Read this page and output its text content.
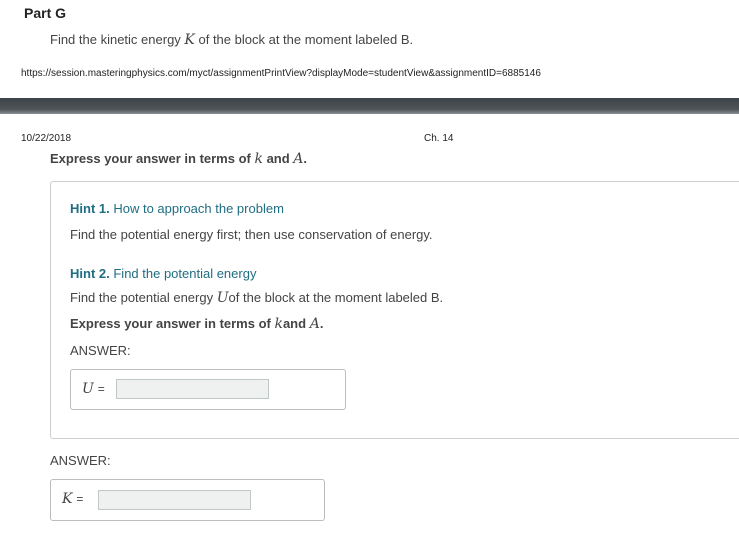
Part G
Find the kinetic energy K of the block at the moment labeled B.
https://session.masteringphysics.com/myct/assignmentPrintView?displayMode=studentView&assignmentID=6885146
10/22/2018	Ch. 14
Express your answer in terms of k and A.
Hint 1. How to approach the problem
Find the potential energy first; then use conservation of energy.
Hint 2. Find the potential energy
Find the potential energy Uof the block at the moment labeled B.
Express your answer in terms of kand A.
ANSWER:
U =
ANSWER:
K =
